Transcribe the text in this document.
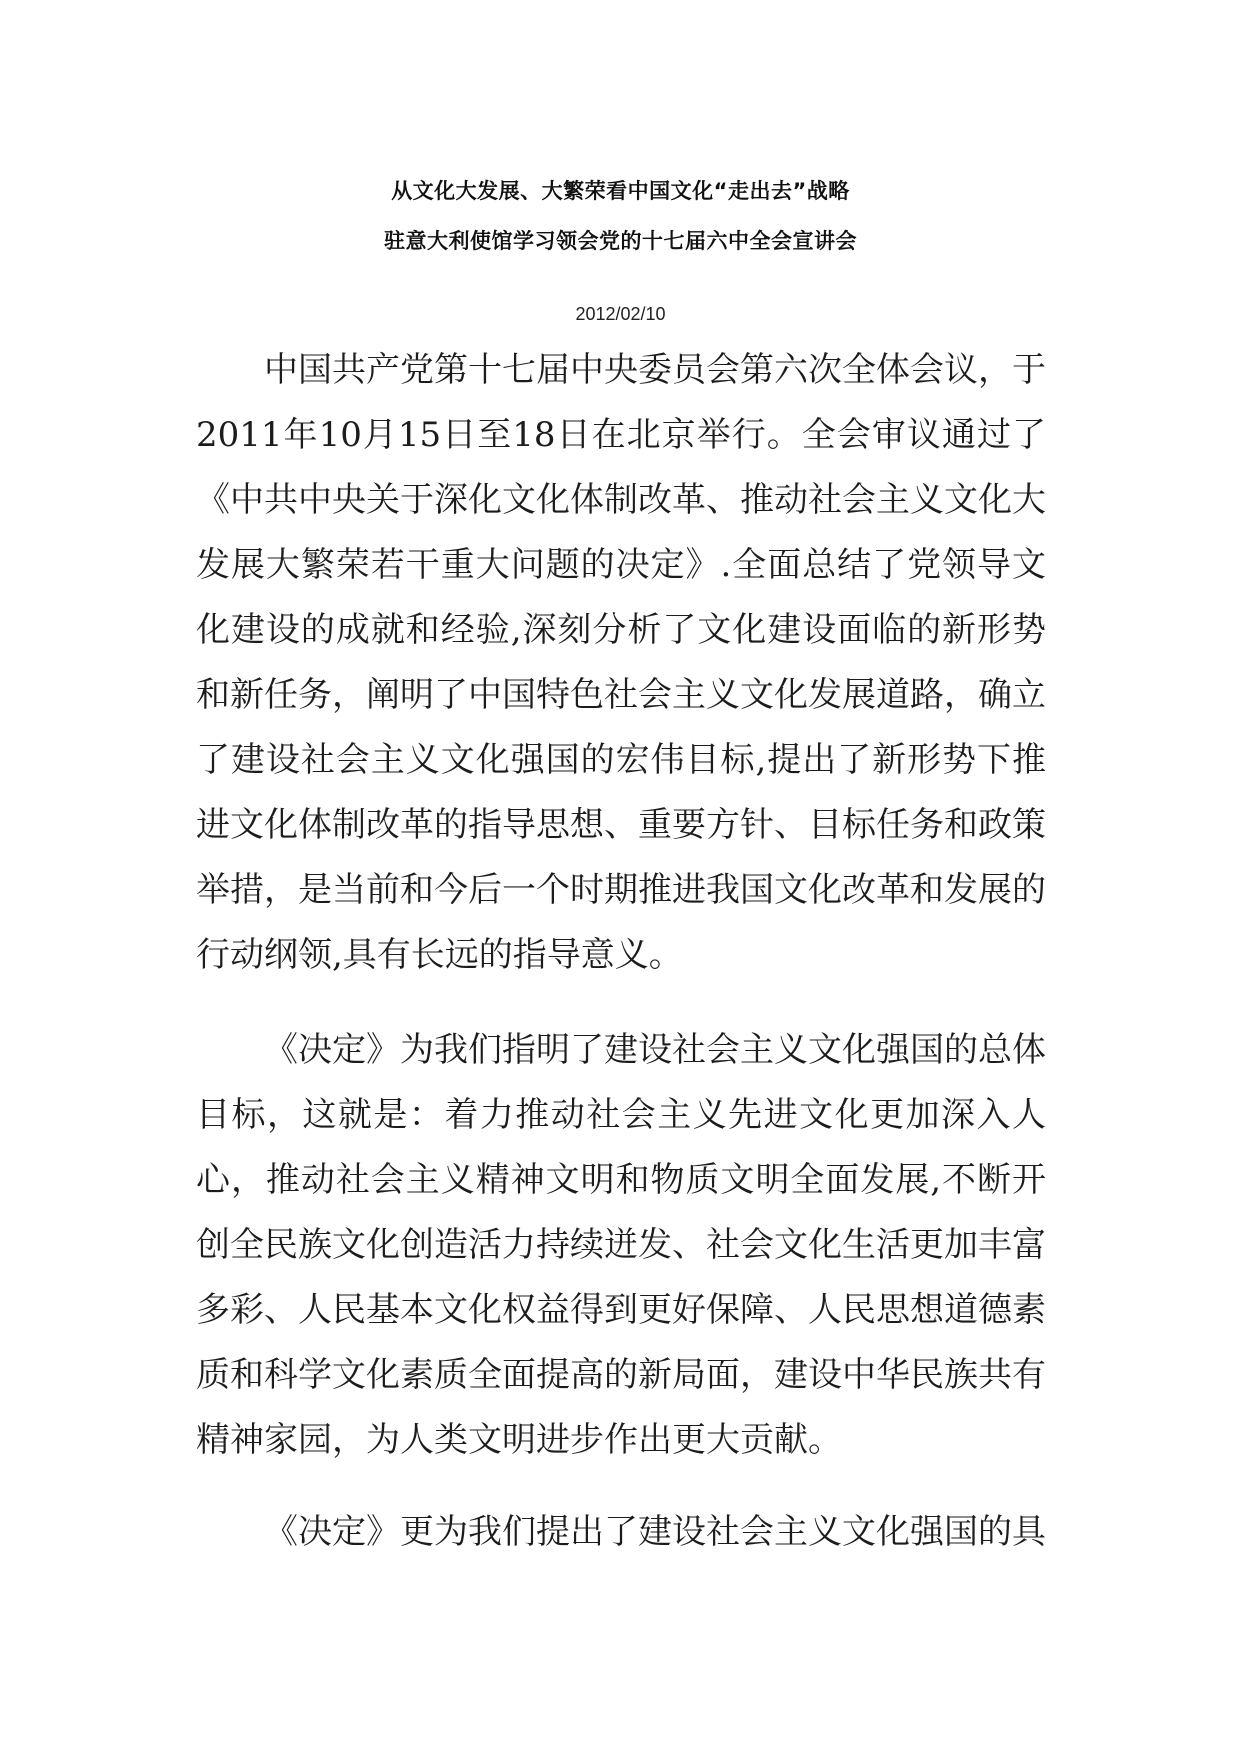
从文化大发展、大繁荣看中国文化“走出去”战略
驻意大利使馆学习领会党的十七届六中全会宣讲会
2012/02/10

中国共产党第十七届中央委员会第六次全体会议，于2011年10月15日至18日在北京举行。全会审议通过了《中共中央关于深化文化体制改革、推动社会主义文化大发展大繁荣若干重大问题的决定》.全面总结了党领导文化建设的成就和经验,深刻分析了文化建设面临的新形势和新任务，阐明了中国特色社会主义文化发展道路，确立了建设社会主义文化强国的宏伟目标,提出了新形势下推进文化体制改革的指导思想、重要方针、目标任务和政策举措，是当前和今后一个时期推进我国文化改革和发展的行动纲领,具有长远的指导意义。

《决定》为我们指明了建设社会主义文化强国的总体目标，这就是：着力推动社会主义先进文化更加深入人心，推动社会主义精神文明和物质文明全面发展,不断开创全民族文化创造活力持续迸发、社会文化生活更加丰富多彩、人民基本文化权益得到更好保障、人民思想道德素质和科学文化素质全面提高的新局面，建设中华民族共有精神家园，为人类文明进步作出更大贡献。

《决定》更为我们提出了建设社会主义文化强国的具
